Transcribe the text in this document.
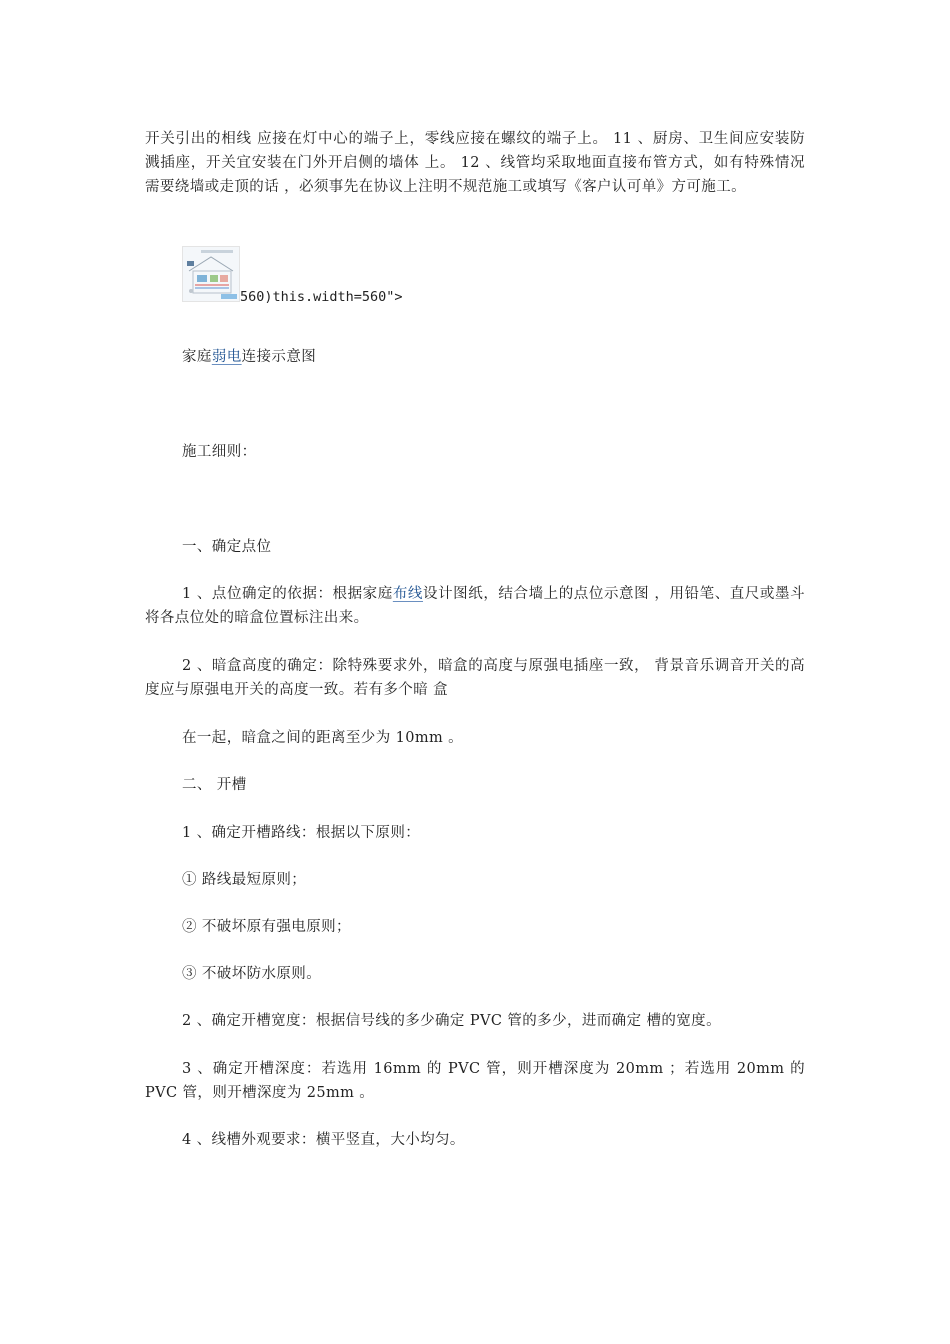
开关引出的相线 应接在灯中心的端子上，零线应接在螺纹的端子上。 11 、厨房、卫生间应安装防溅插座，开关宜安装在门外开启侧的墙体 上。 12 、线管均采取地面直接布管方式，如有特殊情况需要绕墙或走顶的话 ，必须事先在协议上注明不规范施工或填写《客户认可单》方可施工。

560)this.width=560">

家庭弱电连接示意图

施工细则：

一、确定点位

1 、点位确定的依据：根据家庭布线设计图纸，结合墙上的点位示意图 ，用铅笔、直尺或墨斗将各点位处的暗盒位置标注出来。

2 、暗盒高度的确定：除特殊要求外，暗盒的高度与原强电插座一致， 背景音乐调音开关的高度应与原强电开关的高度一致。若有多个暗 盒

在一起，暗盒之间的距离至少为 10mm 。

二、 开槽

1 、确定开槽路线：根据以下原则：

① 路线最短原则；

② 不破坏原有强电原则；

③ 不破坏防水原则。

2 、确定开槽宽度：根据信号线的多少确定 PVC 管的多少，进而确定 槽的宽度。

3 、确定开槽深度：若选用 16mm 的 PVC 管，则开槽深度为 20mm ；若选用 20mm 的 PVC 管，则开槽深度为 25mm 。

4 、线槽外观要求：横平竖直，大小均匀。
